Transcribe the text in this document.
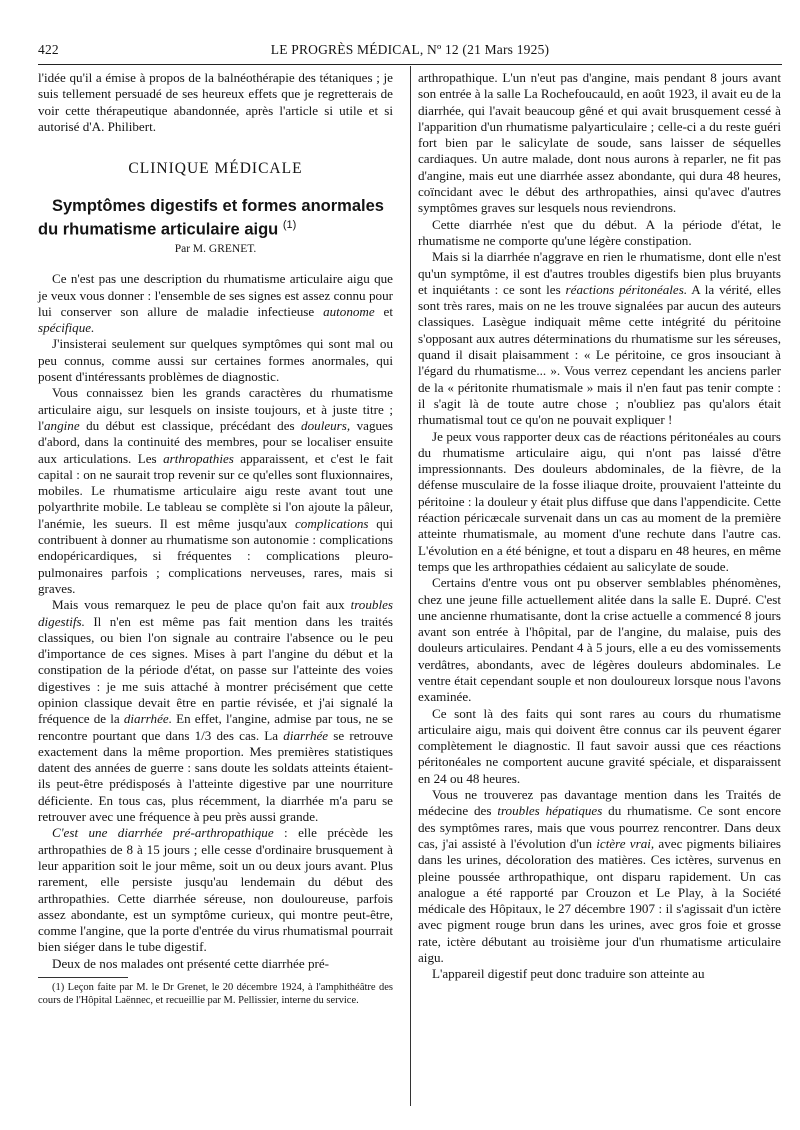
422	LE PROGRÈS MÉDICAL, Nº 12 (21 Mars 1925)

l'idée qu'il a émise à propos de la balnéothérapie des tétaniques ; je suis tellement persuadé de ses heureux effets que je regretterais de voir cette thérapeutique abandonnée, après l'article si utile et si autorisé d'A. Philibert.

CLINIQUE MÉDICALE

Symptômes digestifs et formes anormales
du rhumatisme articulaire aigu $^{(1)}$

Par M. GRENET.

Ce n'est pas une description du rhumatisme articulaire aigu que je veux vous donner : l'ensemble de ses signes est assez connu pour lui conserver son allure de maladie infectieuse autonome et spécifique.

J'insisterai seulement sur quelques symptômes qui sont mal ou peu connus, comme aussi sur certaines formes anormales, qui posent d'intéressants problèmes de diagnostic.

Vous connaissez bien les grands caractères du rhumatisme articulaire aigu, sur lesquels on insiste toujours, et à juste titre ; l'angine du début est classique, précédant des douleurs, vagues d'abord, dans la continuité des membres, pour se localiser ensuite aux articulations. Les arthropathies apparaissent, et c'est le fait capital : on ne saurait trop revenir sur ce qu'elles sont fluxionnaires, mobiles. Le rhumatisme articulaire aigu reste avant tout une polyarthrite mobile. Le tableau se complète si l'on ajoute la pâleur, l'anémie, les sueurs. Il est même jusqu'aux complications qui contribuent à donner au rhumatisme son autonomie : complications endopéricardiques, si fréquentes : complications pleuro-pulmonaires parfois ; complications nerveuses, rares, mais si graves.

Mais vous remarquez le peu de place qu'on fait aux troubles digestifs. Il n'en est même pas fait mention dans les traités classiques, ou bien l'on signale au contraire l'absence ou le peu d'importance de ces signes. Mises à part l'angine du début et la constipation de la période d'état, on passe sur l'atteinte des voies digestives : je me suis attaché à montrer précisément que cette opinion classique devait être en partie révisée, et j'ai signalé la fréquence de la diarrhée. En effet, l'angine, admise par tous, ne se rencontre pourtant que dans 1/3 des cas. La diarrhée se retrouve exactement dans la même proportion. Mes premières statistiques datent des années de guerre : sans doute les soldats atteints étaient-ils peut-être prédisposés à l'atteinte digestive par une nourriture déficiente. En tous cas, plus récemment, la diarrhée m'a paru se retrouver avec une fréquence à peu près aussi grande.

C'est une diarrhée pré-arthropathique : elle précède les arthropathies de 8 à 15 jours ; elle cesse d'ordinaire brusquement à leur apparition soit le jour même, soit un ou deux jours avant. Plus rarement, elle persiste jusqu'au lendemain du début des arthropathies. Cette diarrhée séreuse, non douloureuse, parfois assez abondante, est un symptôme curieux, qui montre peut-être, comme l'angine, que la porte d'entrée du virus rhumatismal pourrait bien siéger dans le tube digestif.

Deux de nos malades ont présenté cette diarrhée pré-

(1) Leçon faite par M. le Dr Grenet, le 20 décembre 1924, à l'amphithéâtre des cours de l'Hôpital Laënnec, et recueillie par M. Pellissier, interne du service.

arthropathique. L'un n'eut pas d'angine, mais pendant 8 jours avant son entrée à la salle La Rochefoucauld, en août 1923, il avait eu de la diarrhée, qui l'avait beaucoup gêné et qui avait brusquement cessé à l'apparition d'un rhumatisme palyarticulaire ; celle-ci a du reste guéri fort bien par le salicylate de soude, sans laisser de séquelles cardiaques. Un autre malade, dont nous aurons à reparler, ne fit pas d'angine, mais eut une diarrhée assez abondante, qui dura 48 heures, coïncidant avec le début des arthropathies, ainsi qu'avec d'autres symptômes graves sur lesquels nous reviendrons.

Cette diarrhée n'est que du début. A la période d'état, le rhumatisme ne comporte qu'une légère constipation.

Mais si la diarrhée n'aggrave en rien le rhumatisme, dont elle n'est qu'un symptôme, il est d'autres troubles digestifs bien plus bruyants et inquiétants : ce sont les réactions péritonéales. A la vérité, elles sont très rares, mais on ne les trouve signalées par aucun des auteurs classiques. Lasègue indiquait même cette intégrité du péritoine s'opposant aux autres déterminations du rhumatisme sur les séreuses, quand il disait plaisamment : « Le péritoine, ce gros insouciant à l'égard du rhumatisme... ». Vous verrez cependant les anciens parler de la « péritonite rhumatismale » mais il n'en faut pas tenir compte : il s'agit là de toute autre chose ; n'oubliez pas qu'alors était rhumatismal tout ce qu'on ne pouvait expliquer !

Je peux vous rapporter deux cas de réactions péritonéales au cours du rhumatisme articulaire aigu, qui n'ont pas laissé d'être impressionnants. Des douleurs abdominales, de la fièvre, de la défense musculaire de la fosse iliaque droite, prouvaient l'atteinte du péritoine : la douleur y était plus diffuse que dans l'appendicite. Cette réaction péricæcale survenait dans un cas au moment de la première atteinte rhumatismale, au moment d'une rechute dans l'autre cas. L'évolution en a été bénigne, et tout a disparu en 48 heures, en même temps que les arthropathies cédaient au salicylate de soude.

Certains d'entre vous ont pu observer semblables phénomènes, chez une jeune fille actuellement alitée dans la salle E. Dupré. C'est une ancienne rhumatisante, dont la crise actuelle a commencé 8 jours avant son entrée à l'hôpital, par de l'angine, du malaise, puis des douleurs articulaires. Pendant 4 à 5 jours, elle a eu des vomissements verdâtres, abondants, avec de légères douleurs abdominales. Le ventre était cependant souple et non douloureux lorsque nous l'avons examinée.

Ce sont là des faits qui sont rares au cours du rhumatisme articulaire aigu, mais qui doivent être connus car ils peuvent égarer complètement le diagnostic. Il faut savoir aussi que ces réactions péritonéales ne comportent aucune gravité spéciale, et disparaissent en 24 ou 48 heures.

Vous ne trouverez pas davantage mention dans les Traités de médecine des troubles hépatiques du rhumatisme. Ce sont encore des symptômes rares, mais que vous pourrez rencontrer. Dans deux cas, j'ai assisté à l'évolution d'un ictère vrai, avec pigments biliaires dans les urines, décoloration des matières. Ces ictères, survenus en pleine poussée arthropathique, ont disparu rapidement. Un cas analogue a été rapporté par Crouzon et Le Play, à la Société médicale des Hôpitaux, le 27 décembre 1907 : il s'agissait d'un ictère avec pigment rouge brun dans les urines, avec gros foie et grosse rate, ictère débutant au troisième jour d'un rhumatisme articulaire aigu.

L'appareil digestif peut donc traduire son atteinte au
